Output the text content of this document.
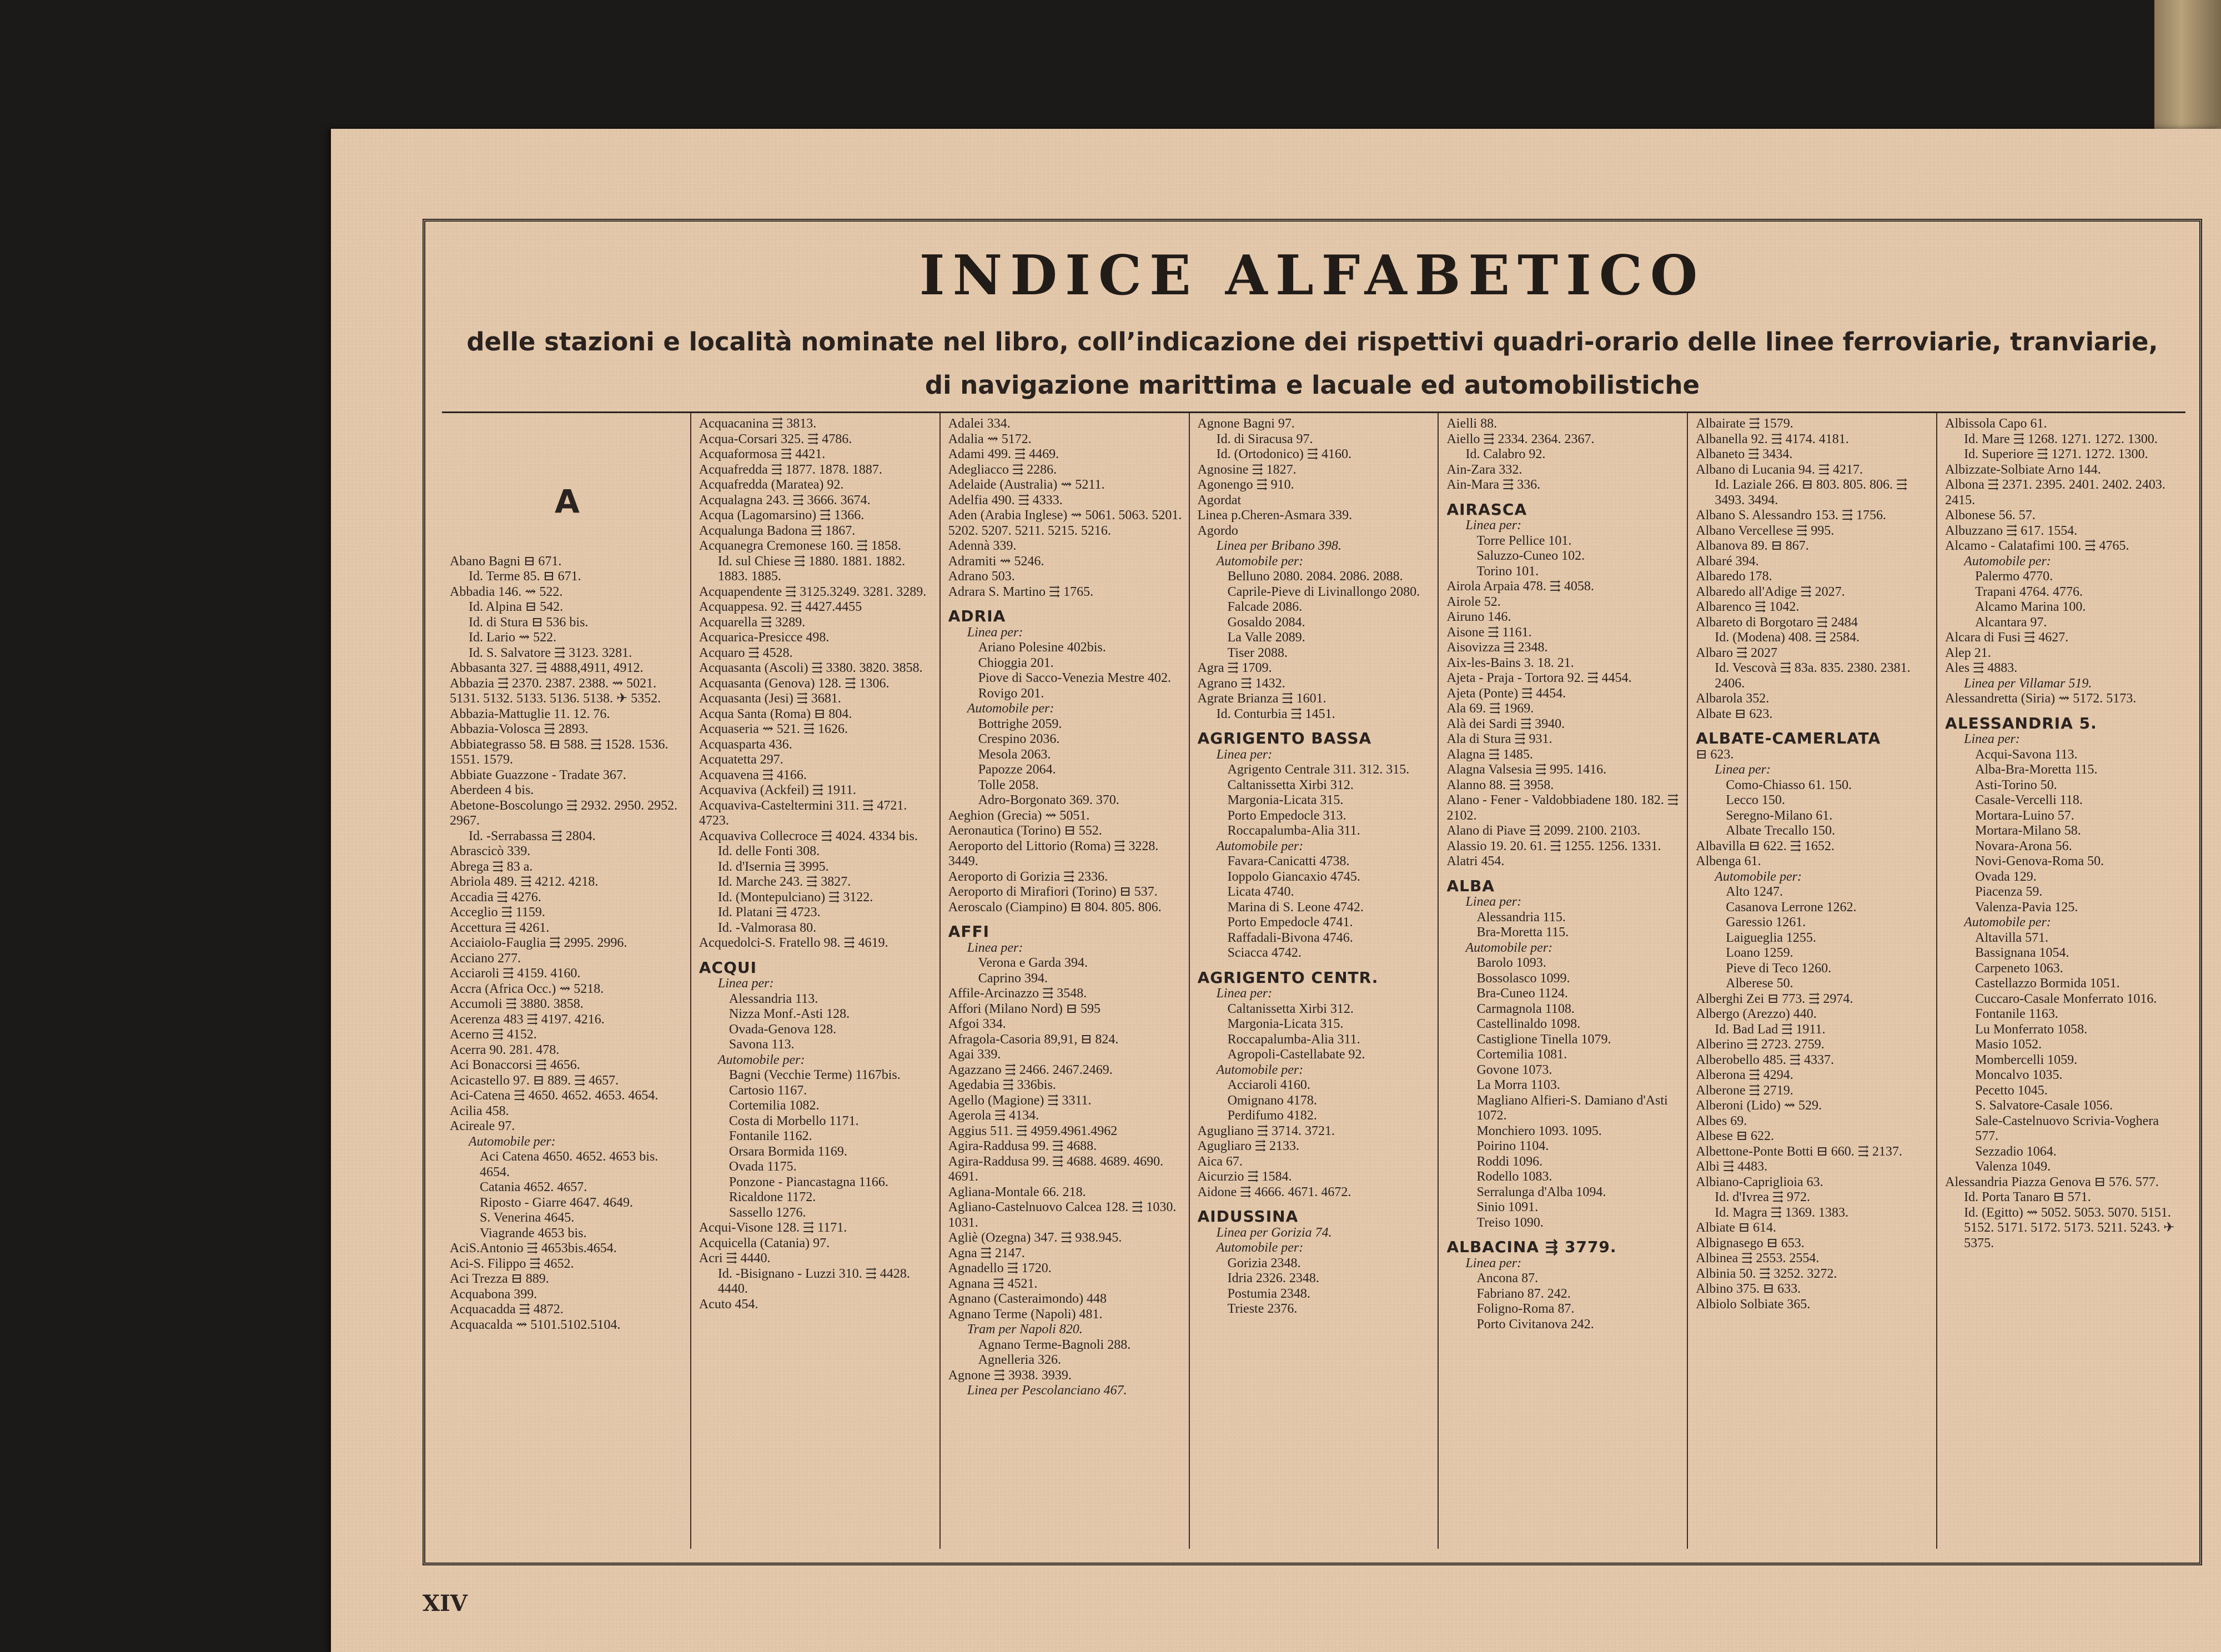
INDICE ALFABETICO
delle stazioni e località nominate nel libro, coll’indicazione dei rispettivi quadri-orario delle linee ferroviarie, tranviarie, di navigazione marittima e lacuale ed automobilistiche
A
Abano Bagni ⊟ 671.
Id. Terme 85. ⊟ 671.
Abbadia 146. ⇝ 522.
Id. Alpina ⊟ 542.
Id. di Stura ⊟ 536 bis.
Id. Lario ⇝ 522.
Id. S. Salvatore ⇶ 3123. 3281.
Abbasanta 327. ⇶ 4888,4911, 4912.
Abbazia ⇶ 2370. 2387. 2388. ⇝ 5021. 5131. 5132. 5133. 5136. 5138. ✈ 5352.
Abbazia-Mattuglie 11. 12. 76.
Abbazia-Volosca ⇶ 2893.
Abbiategrasso 58. ⊟ 588. ⇶ 1528. 1536. 1551. 1579.
Abbiate Guazzone - Tradate 367.
Aberdeen 4 bis.
Abetone-Boscolungo ⇶ 2932. 2950. 2952. 2967.
Id. -Serrabassa ⇶ 2804.
Abrascicò 339.
Abrega ⇶ 83 a.
Abriola 489. ⇶ 4212. 4218.
Accadia ⇶ 4276.
Acceglio ⇶ 1159.
Accettura ⇶ 4261.
Acciaiolo-Fauglia ⇶ 2995. 2996.
Acciano 277.
Acciaroli ⇶ 4159. 4160.
Accra (Africa Occ.) ⇝ 5218.
Accumoli ⇶ 3880. 3858.
Acerenza 483 ⇶ 4197. 4216.
Acerno ⇶ 4152.
Acerra 90. 281. 478.
Aci Bonaccorsi ⇶ 4656.
Acicastello 97. ⊟ 889. ⇶ 4657.
Aci-Catena ⇶ 4650. 4652. 4653. 4654.
Acilia 458.
Acireale 97.
Automobile per:
Aci Catena 4650. 4652. 4653 bis. 4654.
Catania 4652. 4657.
Riposto - Giarre 4647. 4649.
S. Venerina 4645.
Viagrande 4653 bis.
AciS.Antonio ⇶ 4653bis.4654.
Aci-S. Filippo ⇶ 4652.
Aci Trezza ⊟ 889.
Acquabona 399.
Acquacadda ⇶ 4872.
Acquacalda ⇝ 5101.5102.5104.
Acquacanina ⇶ 3813.
Acqua-Corsari 325. ⇶ 4786.
Acquaformosa ⇶ 4421.
Acquafredda ⇶ 1877. 1878. 1887.
Acquafredda (Maratea) 92.
Acqualagna 243. ⇶ 3666. 3674.
Acqua (Lagomarsino) ⇶ 1366.
Acqualunga Badona ⇶ 1867.
Acquanegra Cremonese 160. ⇶ 1858.
Id. sul Chiese ⇶ 1880. 1881. 1882. 1883. 1885.
Acquapendente ⇶ 3125.3249. 3281. 3289.
Acquappesa. 92. ⇶ 4427.4455
Acquarella ⇶ 3289.
Acquarica-Presicce 498.
Acquaro ⇶ 4528.
Acquasanta (Ascoli) ⇶ 3380. 3820. 3858.
Acquasanta (Genova) 128. ⇶ 1306.
Acquasanta (Jesi) ⇶ 3681.
Acqua Santa (Roma) ⊟ 804.
Acquaseria ⇝ 521. ⇶ 1626.
Acquasparta 436.
Acquatetta 297.
Acquavena ⇶ 4166.
Acquaviva (Ackfeil) ⇶ 1911.
Acquaviva-Casteltermini 311. ⇶ 4721. 4723.
Acquaviva Collecroce ⇶ 4024. 4334 bis.
Id. delle Fonti 308.
Id. d'Isernia ⇶ 3995.
Id. Marche 243. ⇶ 3827.
Id. (Montepulciano) ⇶ 3122.
Id. Platani ⇶ 4723.
Id. -Valmorasa 80.
Acquedolci-S. Fratello 98. ⇶ 4619.
ACQUI
Linea per:
Alessandria 113.
Nizza Monf.-Asti 128.
Ovada-Genova 128.
Savona 113.
Automobile per:
Bagni (Vecchie Terme) 1167bis.
Cartosio 1167.
Cortemilia 1082.
Costa di Morbello 1171.
Fontanile 1162.
Orsara Bormida 1169.
Ovada 1175.
Ponzone - Piancastagna 1166.
Ricaldone 1172.
Sassello 1276.
Acqui-Visone 128. ⇶ 1171.
Acquicella (Catania) 97.
Acri ⇶ 4440.
Id. -Bisignano - Luzzi 310. ⇶ 4428. 4440.
Acuto 454.
Adalei 334.
Adalia ⇝ 5172.
Adami 499. ⇶ 4469.
Adegliacco ⇶ 2286.
Adelaide (Australia) ⇝ 5211.
Adelfia 490. ⇶ 4333.
Aden (Arabia Inglese) ⇝ 5061. 5063. 5201. 5202. 5207. 5211. 5215. 5216.
Adennà 339.
Adramiti ⇝ 5246.
Adrano 503.
Adrara S. Martino ⇶ 1765.
ADRIA
Linea per:
Ariano Polesine 402bis.
Chioggia 201.
Piove di Sacco-Venezia Mestre 402.
Rovigo 201.
Automobile per:
Bottrighe 2059.
Crespino 2036.
Mesola 2063.
Papozze 2064.
Tolle 2058.
Adro-Borgonato 369. 370.
Aeghion (Grecia) ⇝ 5051.
Aeronautica (Torino) ⊟ 552.
Aeroporto del Littorio (Roma) ⇶ 3228. 3449.
Aeroporto di Gorizia ⇶ 2336.
Aeroporto di Mirafiori (Torino) ⊟ 537.
Aeroscalo (Ciampino) ⊟ 804. 805. 806.
AFFI
Linea per:
Verona e Garda 394.
Caprino 394.
Affile-Arcinazzo ⇶ 3548.
Affori (Milano Nord) ⊟ 595
Afgoi 334.
Afragola-Casoria 89,91, ⊟ 824.
Agai 339.
Agazzano ⇶ 2466. 2467.2469.
Agedabia ⇶ 336bis.
Agello (Magione) ⇶ 3311.
Agerola ⇶ 4134.
Aggius 511. ⇶ 4959.4961.4962
Agira-Raddusa 99. ⇶ 4688.
Agira-Raddusa 99. ⇶ 4688. 4689. 4690. 4691.
Agliana-Montale 66. 218.
Agliano-Castelnuovo Calcea 128. ⇶ 1030. 1031.
Agliè (Ozegna) 347. ⇶ 938.945.
Agna ⇶ 2147.
Agnadello ⇶ 1720.
Agnana ⇶ 4521.
Agnano (Casteraimondo) 448
Agnano Terme (Napoli) 481.
Tram per Napoli 820.
Agnano Terme-Bagnoli 288.
Agnelleria 326.
Agnone ⇶ 3938. 3939.
Linea per Pescolanciano 467.
Agnone Bagni 97.
Id. di Siracusa 97.
Id. (Ortodonico) ⇶ 4160.
Agnosine ⇶ 1827.
Agonengo ⇶ 910.
Agordat
Linea p.Cheren-Asmara 339.
Agordo
Linea per Bribano 398.
Automobile per:
Belluno 2080. 2084. 2086. 2088.
Caprile-Pieve di Livinallongo 2080.
Falcade 2086.
Gosaldo 2084.
La Valle 2089.
Tiser 2088.
Agra ⇶ 1709.
Agrano ⇶ 1432.
Agrate Brianza ⇶ 1601.
Id. Conturbia ⇶ 1451.
AGRIGENTO BASSA
Linea per:
Agrigento Centrale 311. 312. 315.
Caltanissetta Xirbi 312.
Margonia-Licata 315.
Porto Empedocle 313.
Roccapalumba-Alia 311.
Automobile per:
Favara-Canicatti 4738.
Ioppolo Giancaxio 4745.
Licata 4740.
Marina di S. Leone 4742.
Porto Empedocle 4741.
Raffadali-Bivona 4746.
Sciacca 4742.
AGRIGENTO CENTR.
Linea per:
Caltanissetta Xirbi 312.
Margonia-Licata 315.
Roccapalumba-Alia 311.
Agropoli-Castellabate 92.
Automobile per:
Acciaroli 4160.
Omignano 4178.
Perdifumo 4182.
Agugliano ⇶ 3714. 3721.
Agugliaro ⇶ 2133.
Aica 67.
Aicurzio ⇶ 1584.
Aidone ⇶ 4666. 4671. 4672.
AIDUSSINA
Linea per Gorizia 74.
Automobile per:
Gorizia 2348.
Idria 2326. 2348.
Postumia 2348.
Trieste 2376.
Aielli 88.
Aiello ⇶ 2334. 2364. 2367.
Id. Calabro 92.
Ain-Zara 332.
Ain-Mara ⇶ 336.
AIRASCA
Linea per:
Torre Pellice 101.
Saluzzo-Cuneo 102.
Torino 101.
Airola Arpaia 478. ⇶ 4058.
Airole 52.
Airuno 146.
Aisone ⇶ 1161.
Aisovizza ⇶ 2348.
Aix-les-Bains 3. 18. 21.
Ajeta - Praja - Tortora 92. ⇶ 4454.
Ajeta (Ponte) ⇶ 4454.
Ala 69. ⇶ 1969.
Alà dei Sardi ⇶ 3940.
Ala di Stura ⇶ 931.
Alagna ⇶ 1485.
Alagna Valsesia ⇶ 995. 1416.
Alanno 88. ⇶ 3958.
Alano - Fener - Valdobbiadene 180. 182. ⇶ 2102.
Alano di Piave ⇶ 2099. 2100. 2103.
Alassio 19. 20. 61. ⇶ 1255. 1256. 1331.
Alatri 454.
ALBA
Linea per:
Alessandria 115.
Bra-Moretta 115.
Automobile per:
Barolo 1093.
Bossolasco 1099.
Bra-Cuneo 1124.
Carmagnola 1108.
Castellinaldo 1098.
Castiglione Tinella 1079.
Cortemilia 1081.
Govone 1073.
La Morra 1103.
Magliano Alfieri-S. Damiano d'Asti 1072.
Monchiero 1093. 1095.
Poirino 1104.
Roddi 1096.
Rodello 1083.
Serralunga d'Alba 1094.
Sinio 1091.
Treiso 1090.
ALBACINA ⇶ 3779.
Linea per:
Ancona 87.
Fabriano 87. 242.
Foligno-Roma 87.
Porto Civitanova 242.
Albairate ⇶ 1579.
Albanella 92. ⇶ 4174. 4181.
Albaneto ⇶ 3434.
Albano di Lucania 94. ⇶ 4217.
Id. Laziale 266. ⊟ 803. 805. 806. ⇶ 3493. 3494.
Albano S. Alessandro 153. ⇶ 1756.
Albano Vercellese ⇶ 995.
Albanova 89. ⊟ 867.
Albaré 394.
Albaredo 178.
Albaredo all'Adige ⇶ 2027.
Albarenco ⇶ 1042.
Albareto di Borgotaro ⇶ 2484
Id. (Modena) 408. ⇶ 2584.
Albaro ⇶ 2027
Id. Vescovà ⇶ 83a. 835. 2380. 2381. 2406.
Albarola 352.
Albate ⊟ 623.
ALBATE-CAMERLATA
⊟ 623.
Linea per:
Como-Chiasso 61. 150.
Lecco 150.
Seregno-Milano 61.
Albate Trecallo 150.
Albavilla ⊟ 622. ⇶ 1652.
Albenga 61.
Automobile per:
Alto 1247.
Casanova Lerrone 1262.
Garessio 1261.
Laigueglia 1255.
Loano 1259.
Pieve di Teco 1260.
Alberese 50.
Alberghi Zei ⊟ 773. ⇶ 2974.
Albergo (Arezzo) 440.
Id. Bad Lad ⇶ 1911.
Alberino ⇶ 2723. 2759.
Alberobello 485. ⇶ 4337.
Alberona ⇶ 4294.
Alberone ⇶ 2719.
Alberoni (Lido) ⇝ 529.
Albes 69.
Albese ⊟ 622.
Albettone-Ponte Botti ⊟ 660. ⇶ 2137.
Albi ⇶ 4483.
Albiano-Capriglioia 63.
Id. d'Ivrea ⇶ 972.
Id. Magra ⇶ 1369. 1383.
Albiate ⊟ 614.
Albignasego ⊟ 653.
Albinea ⇶ 2553. 2554.
Albinia 50. ⇶ 3252. 3272.
Albino 375. ⊟ 633.
Albiolo Solbiate 365.
Albissola Capo 61.
Id. Mare ⇶ 1268. 1271. 1272. 1300.
Id. Superiore ⇶ 1271. 1272. 1300.
Albizzate-Solbiate Arno 144.
Albona ⇶ 2371. 2395. 2401. 2402. 2403. 2415.
Albonese 56. 57.
Albuzzano ⇶ 617. 1554.
Alcamo - Calatafimi 100. ⇶ 4765.
Automobile per:
Palermo 4770.
Trapani 4764. 4776.
Alcamo Marina 100.
Alcantara 97.
Alcara di Fusi ⇶ 4627.
Alep 21.
Ales ⇶ 4883.
Linea per Villamar 519.
Alessandretta (Siria) ⇝ 5172. 5173.
ALESSANDRIA 5.
Linea per:
Acqui-Savona 113.
Alba-Bra-Moretta 115.
Asti-Torino 50.
Casale-Vercelli 118.
Mortara-Luino 57.
Mortara-Milano 58.
Novara-Arona 56.
Novi-Genova-Roma 50.
Ovada 129.
Piacenza 59.
Valenza-Pavia 125.
Automobile per:
Altavilla 571.
Bassignana 1054.
Carpeneto 1063.
Castellazzo Bormida 1051.
Cuccaro-Casale Monferrato 1016.
Fontanile 1163.
Lu Monferrato 1058.
Masio 1052.
Mombercelli 1059.
Moncalvo 1035.
Pecetto 1045.
S. Salvatore-Casale 1056.
Sale-Castelnuovo Scrivia-Voghera 577.
Sezzadio 1064.
Valenza 1049.
Alessandria Piazza Genova ⊟ 576. 577.
Id. Porta Tanaro ⊟ 571.
Id. (Egitto) ⇝ 5052. 5053. 5070. 5151. 5152. 5171. 5172. 5173. 5211. 5243. ✈ 5375.
XIV
